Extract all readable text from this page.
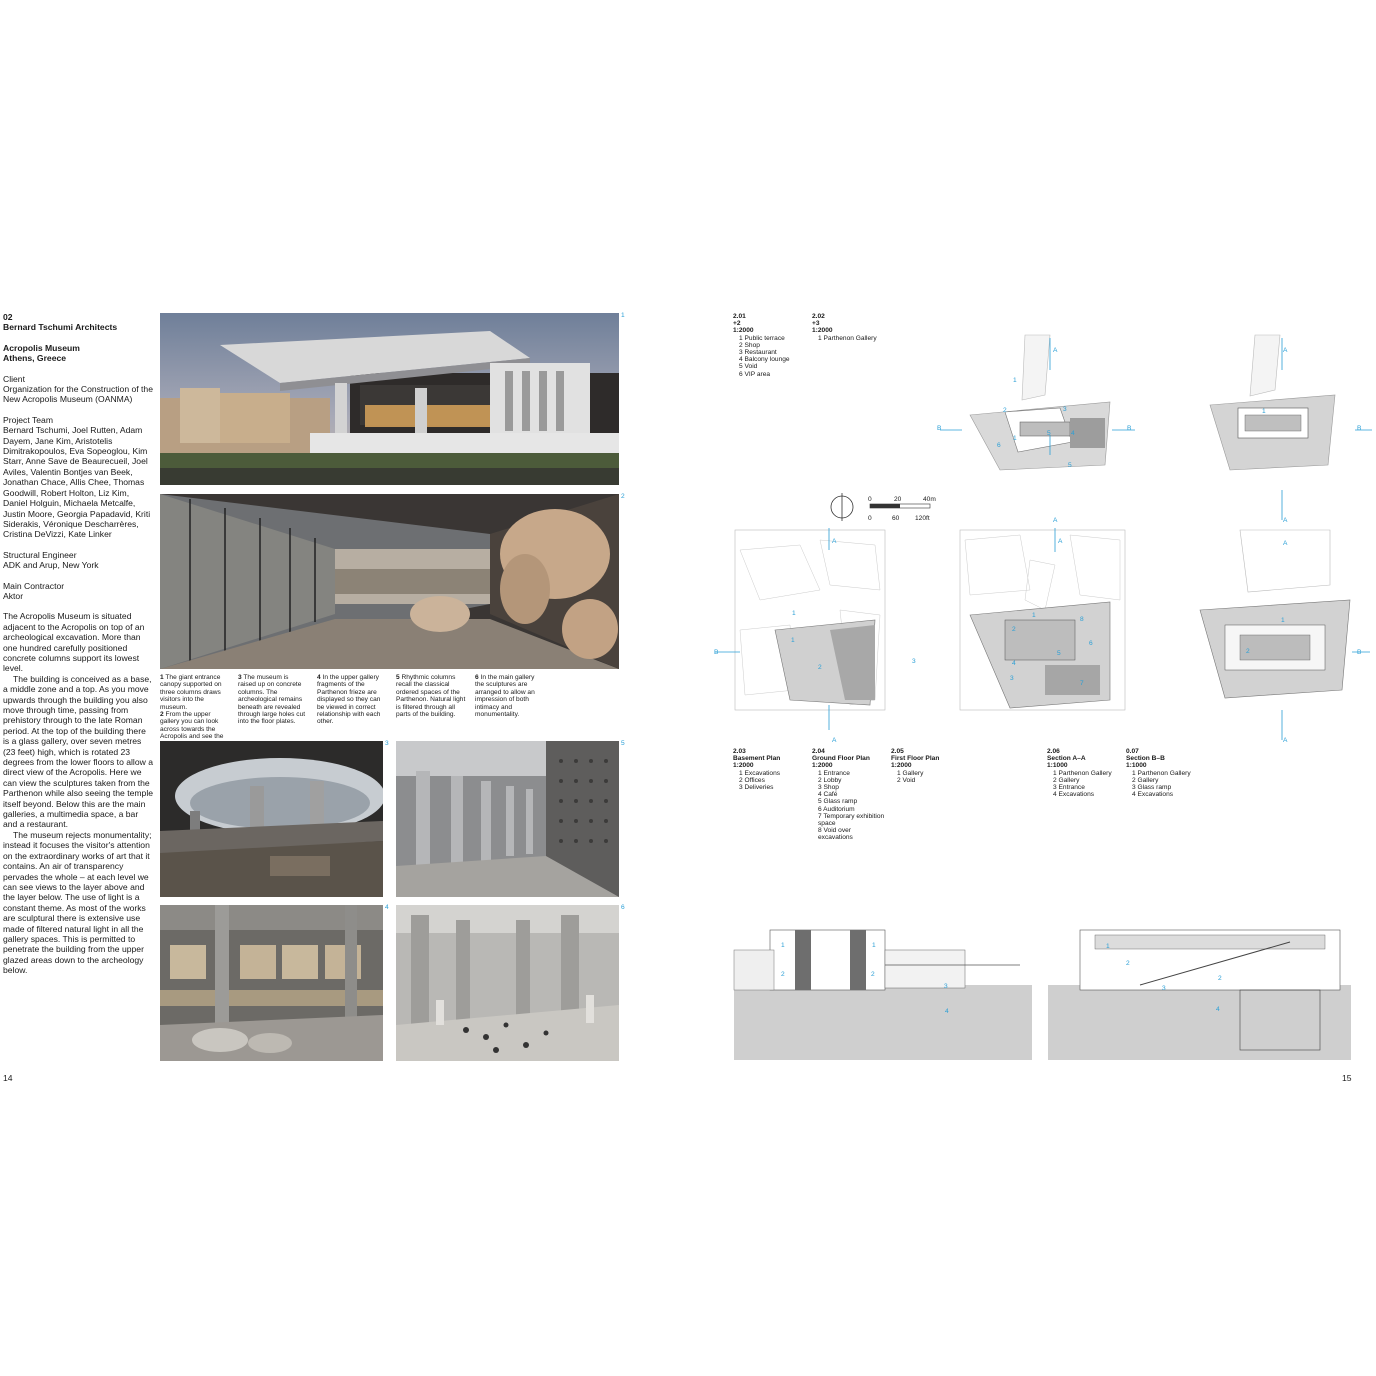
02
Bernard Tschumi Architects
Acropolis Museum
Athens, Greece
Client
Organization for the Construction of the New Acropolis Museum (OANMA)
Project Team
Bernard Tschumi, Joel Rutten, Adam Dayem, Jane Kim, Aristotelis Dimitrakopoulos, Eva Sopeoglou, Kim Starr, Anne Save de Beaurecueil, Joel Aviles, Valentin Bontjes van Beek, Jonathan Chace, Allis Chee, Thomas Goodwill, Robert Holton, Liz Kim, Daniel Holguin, Michaela Metcalfe, Justin Moore, Georgia Papadavid, Kriti Siderakis, Véronique Descharrères, Cristina DeVizzi, Kate Linker
Structural Engineer
ADK and Arup, New York
Main Contractor
Aktor
The Acropolis Museum is situated adjacent to the Acropolis on top of an archeological excavation. More than one hundred carefully positioned concrete columns support its lowest level.
The building is conceived as a base, a middle zone and a top. As you move upwards through the building you also move through time, passing from prehistory through to the late Roman period. At the top of the building there is a glass gallery, over seven metres (23 feet) high, which is rotated 23 degrees from the lower floors to allow a direct view of the Acropolis. Here we can view the sculptures taken from the Parthenon while also seeing the temple itself beyond. Below this are the main galleries, a multimedia space, a bar and a restaurant.
The museum rejects monumentality; instead it focuses the visitor's attention on the extraordinary works of art that it contains. An air of transparency pervades the whole – at each level we can see views to the layer above and the layer below. The use of light is a constant theme. As most of the works are sculptural there is extensive use made of filtered natural light in all the gallery spaces. This is permitted to penetrate the building from the upper glazed areas down to the archeology below.
14
1
2
1 The giant entrance canopy supported on three columns draws visitors into the museum.
2 From the upper gallery you can look across towards the Acropolis and see the
3 The museum is raised up on concrete columns. The archeological remains beneath are revealed through large holes cut into the floor plates.
4 In the upper gallery fragments of the Parthenon frieze are displayed so they can be viewed in correct relationship with each other.
5 Rhythmic columns recall the classical ordered spaces of the Parthenon. Natural light is filtered through all parts of the building.
6 In the main gallery the sculptures are arranged to allow an impression of both intimacy and monumentality.
3	5
4	6
2.01
+2
1:2000
1 Public terrace
2 Shop
3 Restaurant
4 Balcony lounge
5 Void
6 VIP area
2.02
+3
1:2000
1 Parthenon Gallery
A
B	B
A
A
B
A
A
B
A
A	A
B
A
1
2	3
4
5
5
1
6
1
1
1
2
3
1
2
3
4
5
6
7
8	1
2
1	1
2	2
3
4
1
2
2
3
4
0	20	40m
0	60 120ft
2.03
Basement Plan
1:2000
1 Excavations
2 Offices
3 Deliveries
2.04
Ground Floor Plan
1:2000
1 Entrance
2 Lobby
3 Shop
4 Café
5 Glass ramp
6 Auditorium
7 Temporary exhibition space
8 Void over excavations
2.05
First Floor Plan
1:2000
1 Gallery
2 Void
2.06
Section A–A
1:1000
1 Parthenon Gallery
2 Gallery
3 Entrance
4 Excavations
0.07
Section B–B
1:1000
1 Parthenon Gallery
2 Gallery
3 Glass ramp
4 Excavations
15
